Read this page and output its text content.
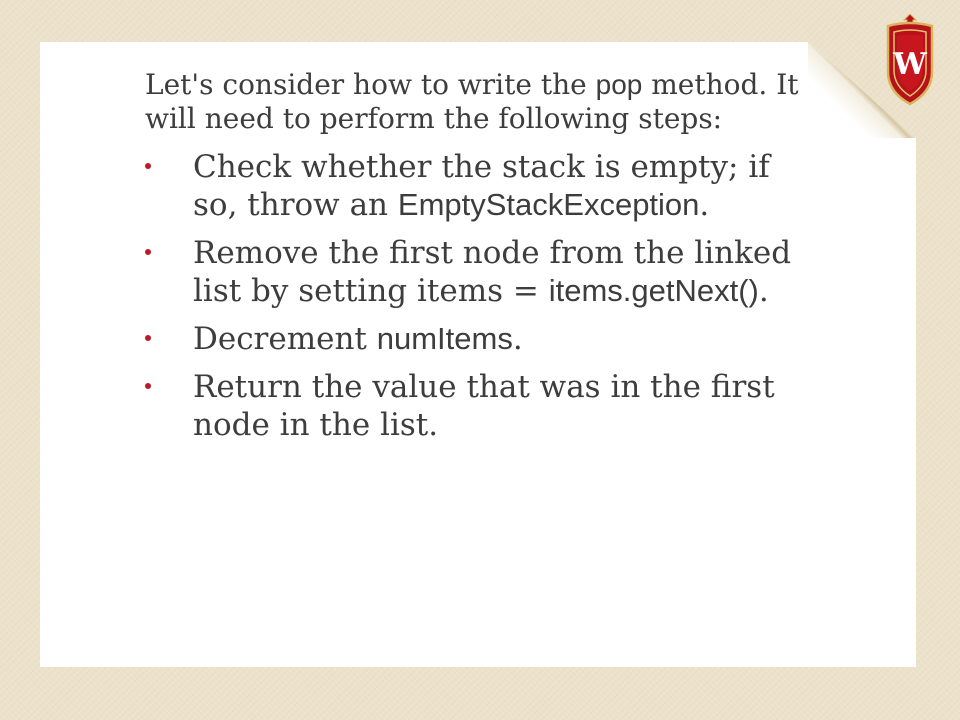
W

Let's consider how to write the pop method. It will need to perform the following steps:

Check whether the stack is empty; if so, throw an EmptyStackException.
Remove the first node from the linked list by setting items = items.getNext().
Decrement numItems.
Return the value that was in the first node in the list.
